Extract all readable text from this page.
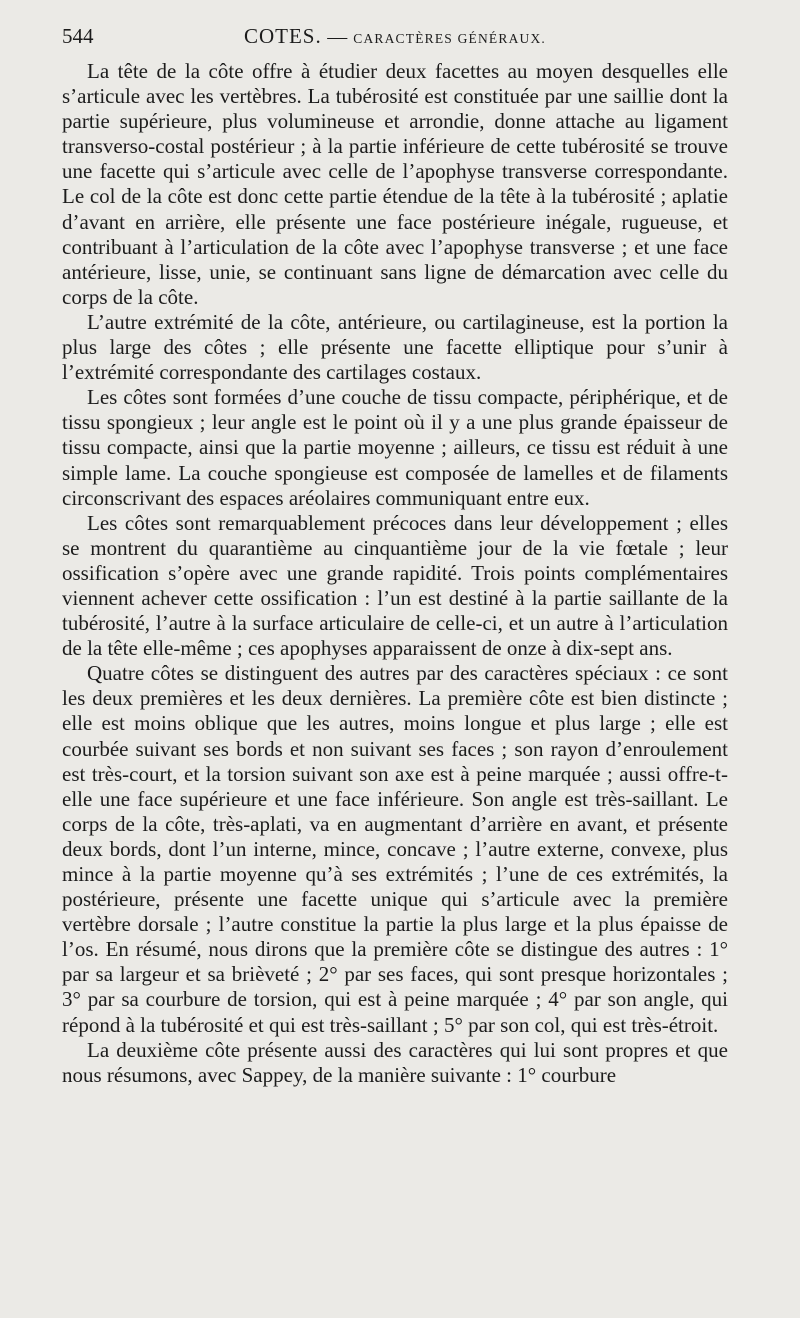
544	COTES. — CARACTÈRES GÉNÉRAUX.

La tête de la côte offre à étudier deux facettes au moyen desquelles elle s’articule avec les vertèbres. La tubérosité est constituée par une saillie dont la partie supérieure, plus volumineuse et arrondie, donne attache au ligament transverso-costal postérieur ; à la partie inférieure de cette tubérosité se trouve une facette qui s’articule avec celle de l’apophyse transverse correspondante. Le col de la côte est donc cette partie étendue de la tête à la tubérosité ; aplatie d’avant en arrière, elle présente une face postérieure inégale, rugueuse, et contribuant à l’articulation de la côte avec l’apophyse transverse ; et une face antérieure, lisse, unie, se continuant sans ligne de démarcation avec celle du corps de la côte.

L’autre extrémité de la côte, antérieure, ou cartilagineuse, est la portion la plus large des côtes ; elle présente une facette elliptique pour s’unir à l’extrémité correspondante des cartilages costaux.

Les côtes sont formées d’une couche de tissu compacte, périphérique, et de tissu spongieux ; leur angle est le point où il y a une plus grande épaisseur de tissu compacte, ainsi que la partie moyenne ; ailleurs, ce tissu est réduit à une simple lame. La couche spongieuse est composée de lamelles et de filaments circonscrivant des espaces aréolaires communiquant entre eux.

Les côtes sont remarquablement précoces dans leur développement ; elles se montrent du quarantième au cinquantième jour de la vie fœtale ; leur ossification s’opère avec une grande rapidité. Trois points complémentaires viennent achever cette ossification : l’un est destiné à la partie saillante de la tubérosité, l’autre à la surface articulaire de celle-ci, et un autre à l’articulation de la tête elle-même ; ces apophyses apparaissent de onze à dix-sept ans.

Quatre côtes se distinguent des autres par des caractères spéciaux : ce sont les deux premières et les deux dernières. La première côte est bien distincte ; elle est moins oblique que les autres, moins longue et plus large ; elle est courbée suivant ses bords et non suivant ses faces ; son rayon d’enroulement est très-court, et la torsion suivant son axe est à peine marquée ; aussi offre-t-elle une face supérieure et une face inférieure. Son angle est très-saillant. Le corps de la côte, très-aplati, va en augmentant d’arrière en avant, et présente deux bords, dont l’un interne, mince, concave ; l’autre externe, convexe, plus mince à la partie moyenne qu’à ses extrémités ; l’une de ces extrémités, la postérieure, présente une facette unique qui s’articule avec la première vertèbre dorsale ; l’autre constitue la partie la plus large et la plus épaisse de l’os. En résumé, nous dirons que la première côte se distingue des autres : 1° par sa largeur et sa brièveté ; 2° par ses faces, qui sont presque horizontales ; 3° par sa courbure de torsion, qui est à peine marquée ; 4° par son angle, qui répond à la tubérosité et qui est très-saillant ; 5° par son col, qui est très-étroit.

La deuxième côte présente aussi des caractères qui lui sont propres et que nous résumons, avec Sappey, de la manière suivante : 1° courbure
